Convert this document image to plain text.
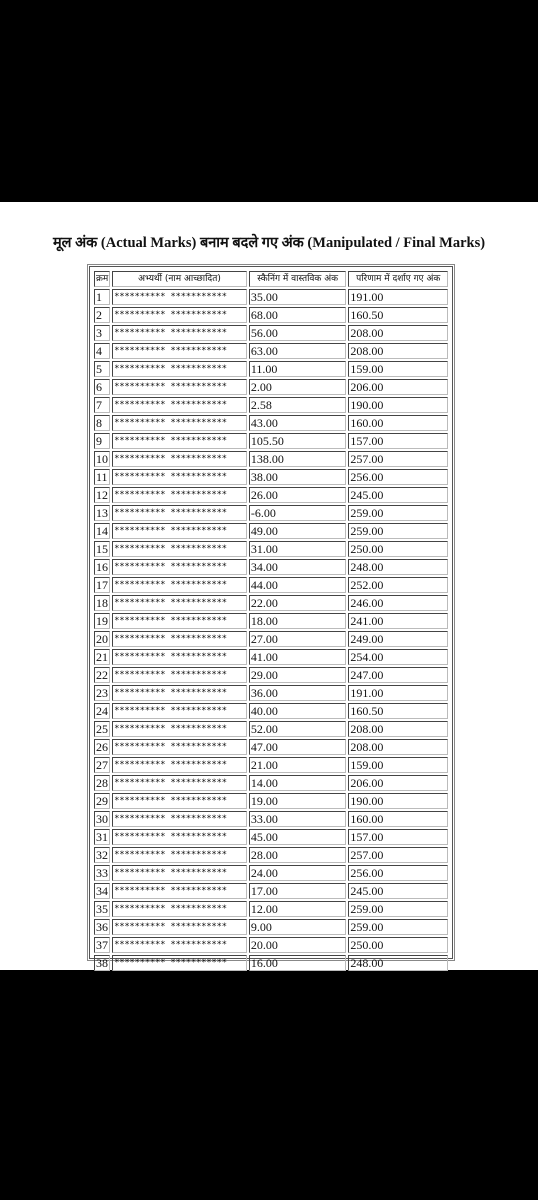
मूल अंक (Actual Marks) बनाम बदले गए अंक (Manipulated / Final Marks)
क्रम	अभ्यर्थी (नाम आच्छादित)	स्कैनिंग में वास्तविक अंक	परिणाम में दर्शाए गए अंक
1	********** ***********	35.00	191.00
2	********** ***********	68.00	160.50
3	********** ***********	56.00	208.00
4	********** ***********	63.00	208.00
5	********** ***********	11.00	159.00
6	********** ***********	2.00	206.00
7	********** ***********	2.58	190.00
8	********** ***********	43.00	160.00
9	********** ***********	105.50	157.00
10	********** ***********	138.00	257.00
11	********** ***********	38.00	256.00
12	********** ***********	26.00	245.00
13	********** ***********	-6.00	259.00
14	********** ***********	49.00	259.00
15	********** ***********	31.00	250.00
16	********** ***********	34.00	248.00
17	********** ***********	44.00	252.00
18	********** ***********	22.00	246.00
19	********** ***********	18.00	241.00
20	********** ***********	27.00	249.00
21	********** ***********	41.00	254.00
22	********** ***********	29.00	247.00
23	********** ***********	36.00	191.00
24	********** ***********	40.00	160.50
25	********** ***********	52.00	208.00
26	********** ***********	47.00	208.00
27	********** ***********	21.00	159.00
28	********** ***********	14.00	206.00
29	********** ***********	19.00	190.00
30	********** ***********	33.00	160.00
31	********** ***********	45.00	157.00
32	********** ***********	28.00	257.00
33	********** ***********	24.00	256.00
34	********** ***********	17.00	245.00
35	********** ***********	12.00	259.00
36	********** ***********	9.00	259.00
37	********** ***********	20.00	250.00
38	********** ***********	16.00	248.00
